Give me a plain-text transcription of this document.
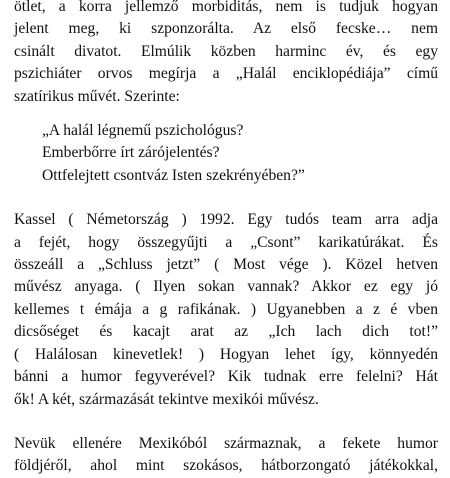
ötlet, a korra jellemző morbiditás, nem is tudjuk hogyan
jelent meg, ki szponzorálta. Az első fecske… nem
csinált divatot. Elmúlik közben harminc év, és egy
pszichiáter orvos megírja a „Halál enciklopédiája” című
szatírikus művét. Szerinte:

„A halál légnemű pszichológus?
Emberbőrre írt zárójelentés?
Ottfelejtett csontváz Isten szekrényében?”

Kassel ( Németország ) 1992. Egy tudós team arra adja
a fejét, hogy összegyűjti a „Csont” karikatúrákat. És
összeáll a „Schluss jetzt” ( Most vége ). Közel hetven
művész anyaga. ( Ilyen sokan vannak? Akkor ez egy jó
kellemes t émája a g rafikának. ) Ugyanebben a z é vben
dicsőséget és kacajt arat az „Ich lach dich tot!”
( Halálosan kinevetlek! ) Hogyan lehet így, könnyedén
bánni a humor fegyverével? Kik tudnak erre felelni? Hát
ők! A két, származását tekintve mexikói művész.

Nevük ellenére Mexikóból származnak, a fekete humor
földjéről, ahol mint szokásos, hátborzongató játékokkal,
